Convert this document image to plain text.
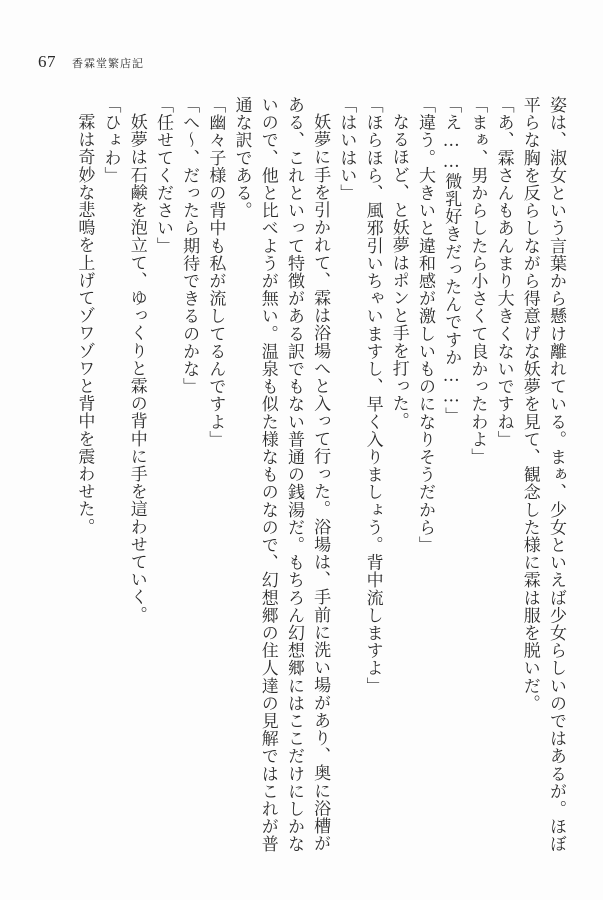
67 香霖堂繁店記

姿は、淑女という言葉から懸け離れている。まぁ、少女といえば少女らしいのではあるが。ほぼ平らな胸を反らしながら得意げな妖夢を見て、観念した様に霖は服を脱いだ。

「あ、霖さんもあんまり大きくないですね」

「まぁ、男からしたら小さくて良かったわよ」

「え……微乳好きだったんですか……」

「違う。大きいと違和感が激しいものになりそうだから」

なるほど、と妖夢はポンと手を打った。

「ほらほら、風邪引いちゃいますし、早く入りましょう。背中流しますよ」

「はいはい」

妖夢に手を引かれて、霖は浴場へと入って行った。浴場は、手前に洗い場があり、奥に浴槽がある、これといって特徴がある訳でもない普通の銭湯だ。もちろん幻想郷にはここだけにしかないので、他と比べようが無い。温泉も似た様なものなので、幻想郷の住人達の見解ではこれが普通な訳である。

「幽々子様の背中も私が流してるんですよ」

「へ〜、だったら期待できるのかな」

「任せてください」

妖夢は石鹸を泡立て、ゆっくりと霖の背中に手を這わせていく。

「ひょわ」

霖は奇妙な悲鳴を上げてゾワゾワと背中を震わせた。
